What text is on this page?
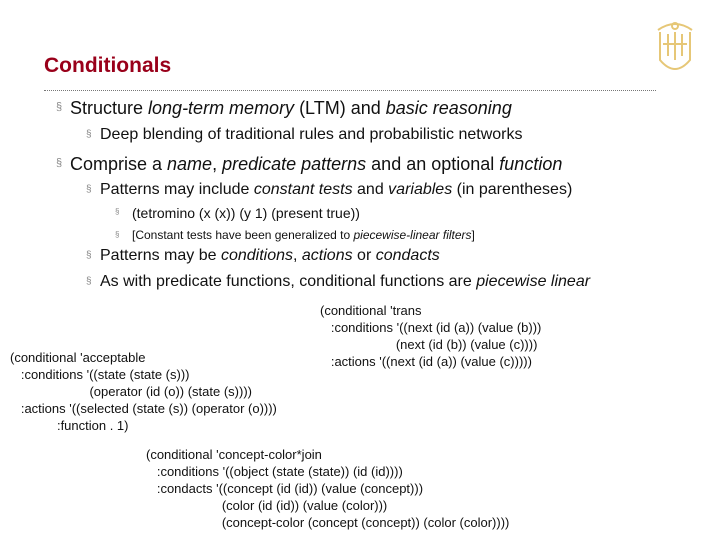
Conditionals
§ Structure long-term memory (LTM) and basic reasoning
§ Deep blending of traditional rules and probabilistic networks
§ Comprise a name, predicate patterns and an optional function
§ Patterns may include constant tests and variables (in parentheses)
§ (tetromino (x (x)) (y 1) (present true))
§ [Constant tests have been generalized to piecewise-linear filters]
§ Patterns may be conditions, actions or condacts
§ As with predicate functions, conditional functions are piecewise linear
(conditional 'trans
:conditions '((next (id (a)) (value (b)))
(next (id (b)) (value (c))))
:actions '((next (id (a)) (value (c)))))
(conditional 'acceptable
:conditions '((state (state (s)))
(operator (id (o)) (state (s))))
:actions '((selected (state (s)) (operator (o))))
:function . 1)
(conditional 'concept-color*join
:conditions '((object (state (state)) (id (id))))
:condacts '((concept (id (id)) (value (concept)))
(color (id (id)) (value (color)))
(concept-color (concept (concept)) (color (color))))
